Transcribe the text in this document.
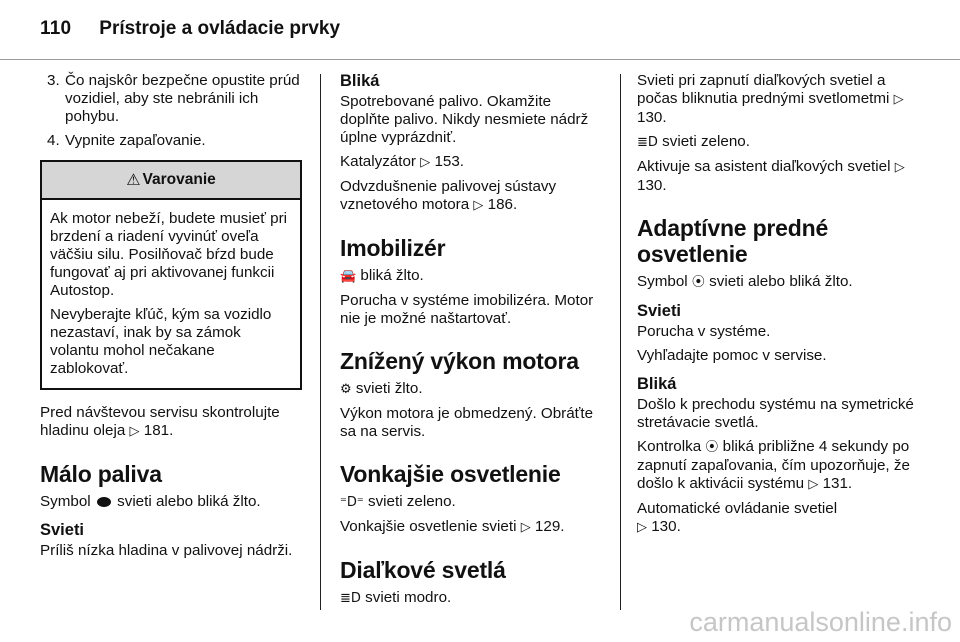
110 Prístroje a ovládacie prvky
3. Čo najskôr bezpečne opustite prúd vozidiel, aby ste nebránili ich pohybu.
4. Vypnite zapaľovanie.
⚠ Varovanie

Ak motor nebeží, budete musieť pri brzdení a riadení vyvinúť oveľa väčšiu silu. Posilňovač bŕzd bude fungovať aj pri aktivovanej funkcii Autostop.

Nevyberajte kľúč, kým sa vozidlo nezastaví, inak by sa zámok volantu mohol nečakane zablokovať.

Pred návštevou servisu skontrolujte hladinu oleja ▷ 181.

Málo paliva

Symbol svieti alebo bliká žlto.

Svieti

Príliš nízka hladina v palivovej nádrži.

Bliká

Spotrebované palivo. Okamžite doplňte palivo. Nikdy nesmiete nádrž úplne vyprázdniť.

Katalyzátor ▷ 153.

Odvzdušnenie palivovej sústavy vznetového motora ▷ 186.

Imobilizér

🚘 bliká žlto.

Porucha v systéme imobilizéra. Motor nie je možné naštartovať.

Znížený výkon motora

⚙ svieti žlto.

Výkon motora je obmedzený. Obráťte sa na servis.

Vonkajšie osvetlenie

⁼D⁼ svieti zeleno.

Vonkajšie osvetlenie svieti ▷ 129.

Diaľkové svetlá

≣D svieti modro.

Svieti pri zapnutí diaľkových svetiel a počas bliknutia prednými svetlometmi ▷ 130.

≣D svieti zeleno.

Aktivuje sa asistent diaľkových svetiel ▷ 130.

Adaptívne predné osvetlenie

Symbol ⦿ svieti alebo bliká žlto.

Svieti

Porucha v systéme.

Vyhľadajte pomoc v servise.

Bliká

Došlo k prechodu systému na symetrické stretávacie svetlá.

Kontrolka ⦿ bliká približne 4 sekundy po zapnutí zapaľovania, čím upozorňuje, že došlo k aktivácii systému ▷ 131.

Automatické ovládanie svetiel
▷ 130.

carmanualsonline.info
